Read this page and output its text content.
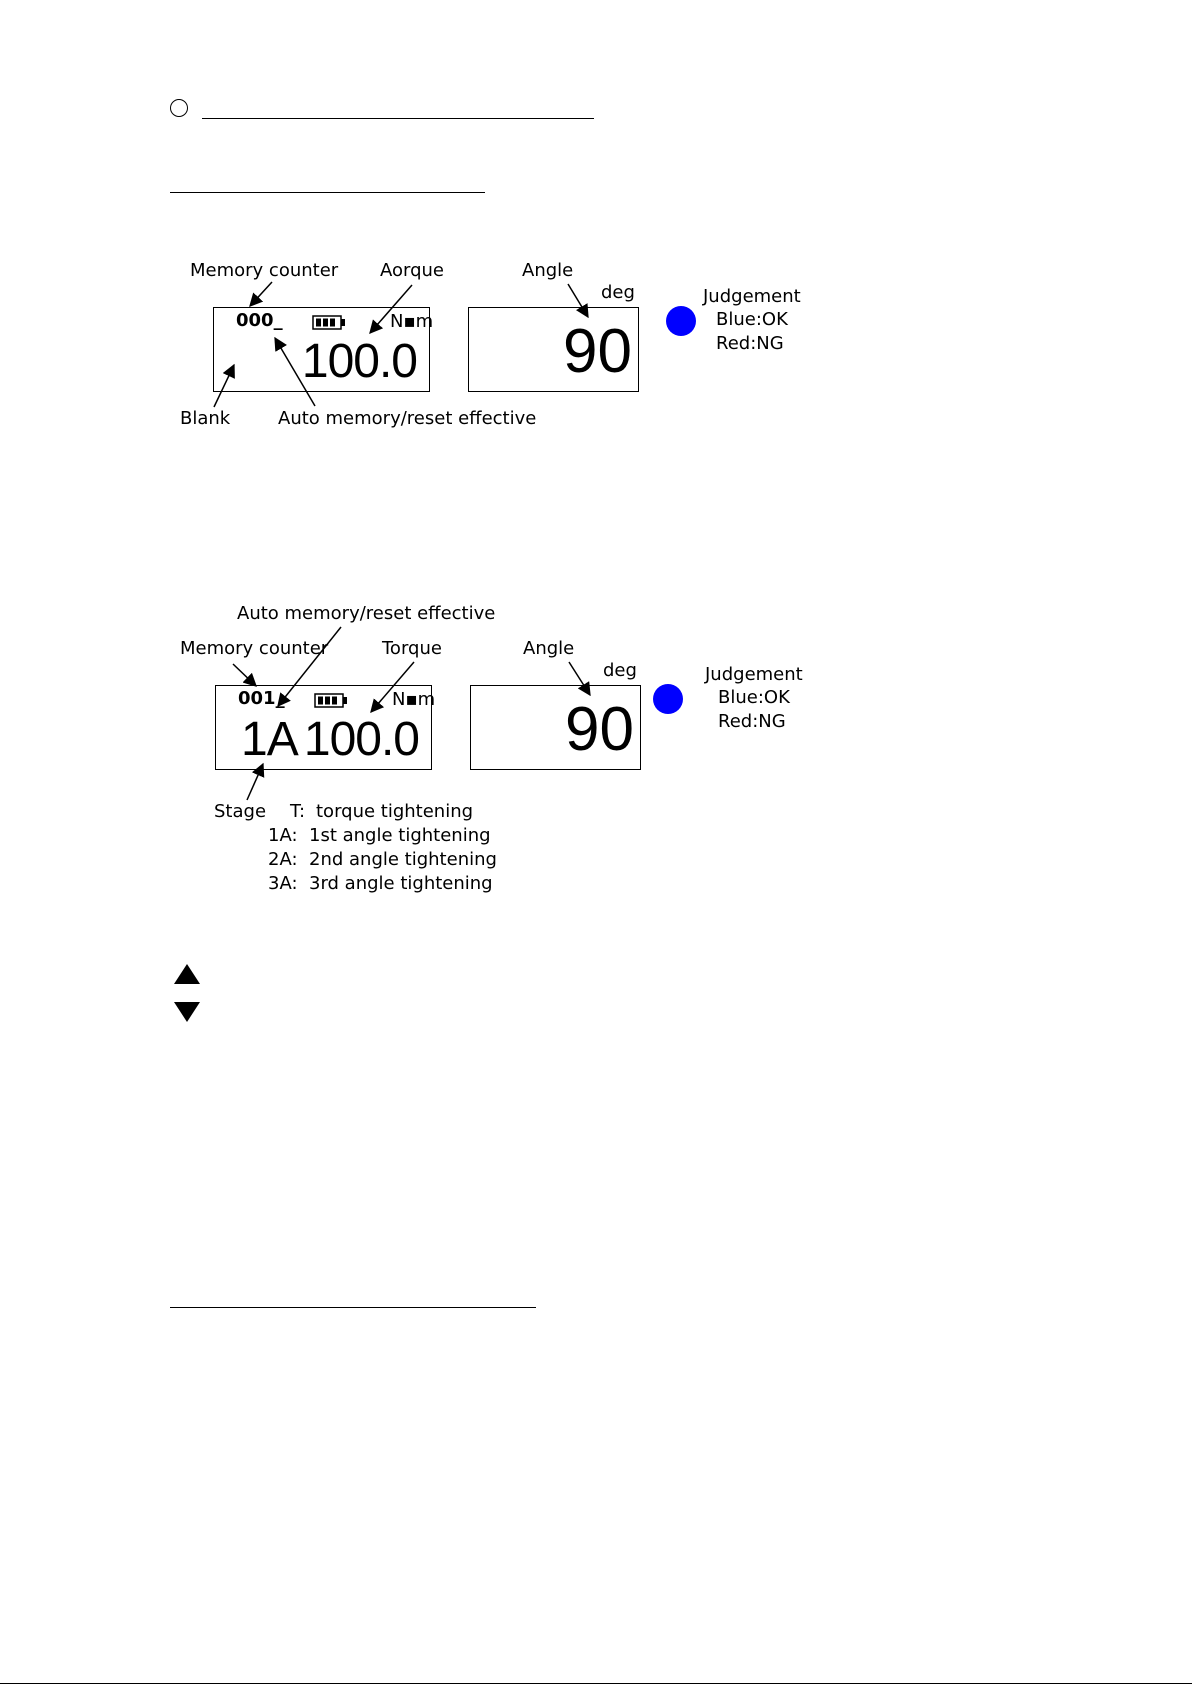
Memory counter Aorque	Angle
deg
000_	N▪m
100.0 90
Judgement
Blue:OK
Red:NG
Blank	Auto memory/reset effective
Auto memory/reset effective
Memory counter	Torque	Angle
deg
001_	N▪m
1A 100.0 90
Judgement
Blue:OK
Red:NG
Stage T: torque tightening
1A: 1st angle tightening
2A: 2nd angle tightening
3A: 3rd angle tightening
